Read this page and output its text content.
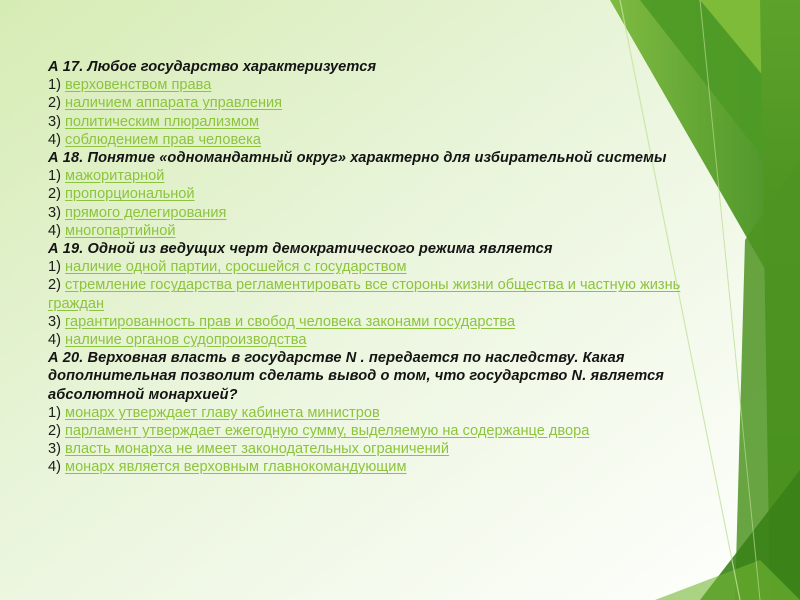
А 17. Любое государство характеризуется
1) верховенством права
2) наличием аппарата управления
3) политическим плюрализмом
4) соблюдением прав человека
А 18. Понятие «одномандатный округ» характерно для избирательной системы
1) мажоритарной
2) пропорциональной
3) прямого делегирования
4) многопартийной
А 19. Одной из ведущих черт демократического режима является
1) наличие одной партии, сросшейся с государством
2) стремление государства регламентировать все стороны жизни общества и частную жизнь граждан
3) гарантированность прав и свобод человека законами государства
4) наличие органов судопроизводства
А 20. Верховная власть в государстве N . передается по наследству. Какая дополнительная позволит сделать вывод о том, что государство N. является абсолютной монархией?
1) монарх утверждает главу кабинета министров
2) парламент утверждает ежегодную сумму, выделяемую на содержанце двора
3) власть монарха не имеет законодательных ограничений
4) монарх является верховным главнокомандующим
